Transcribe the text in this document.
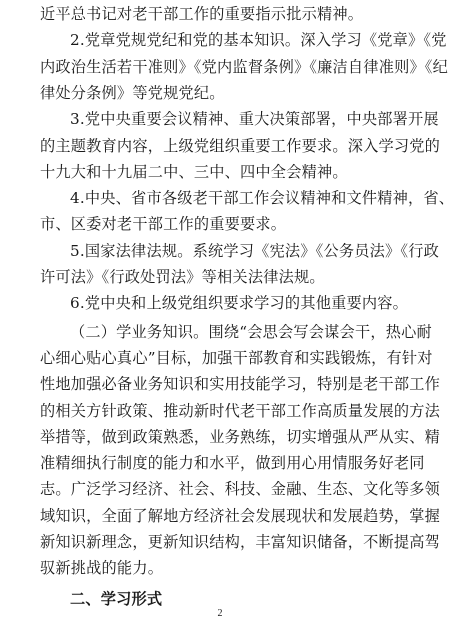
近平总书记对老干部工作的重要指示批示精神。
2.党章党规党纪和党的基本知识。深入学习《党章》《党
内政治生活若干准则》《党内监督条例》《廉洁自律准则》《纪
律处分条例》等党规党纪。
3.党中央重要会议精神、重大决策部署，中央部署开展
的主题教育内容，上级党组织重要工作要求。深入学习党的
十九大和十九届二中、三中、四中全会精神。
4.中央、省市各级老干部工作会议精神和文件精神，省、
市、区委对老干部工作的重要要求。
5.国家法律法规。系统学习《宪法》《公务员法》《行政
许可法》《行政处罚法》等相关法律法规。
6.党中央和上级党组织要求学习的其他重要内容。
（二）学业务知识。围绕“会思会写会谋会干，热心耐
心细心贴心真心”目标，加强干部教育和实践锻炼，有针对
性地加强必备业务知识和实用技能学习，特别是老干部工作
的相关方针政策、推动新时代老干部工作高质量发展的方法
举措等，做到政策熟悉，业务熟练，切实增强从严从实、精
准精细执行制度的能力和水平，做到用心用情服务好老同
志。广泛学习经济、社会、科技、金融、生态、文化等多领
域知识，全面了解地方经济社会发展现状和发展趋势，掌握
新知识新理念，更新知识结构，丰富知识储备，不断提高驾
驭新挑战的能力。
二、学习形式
2
